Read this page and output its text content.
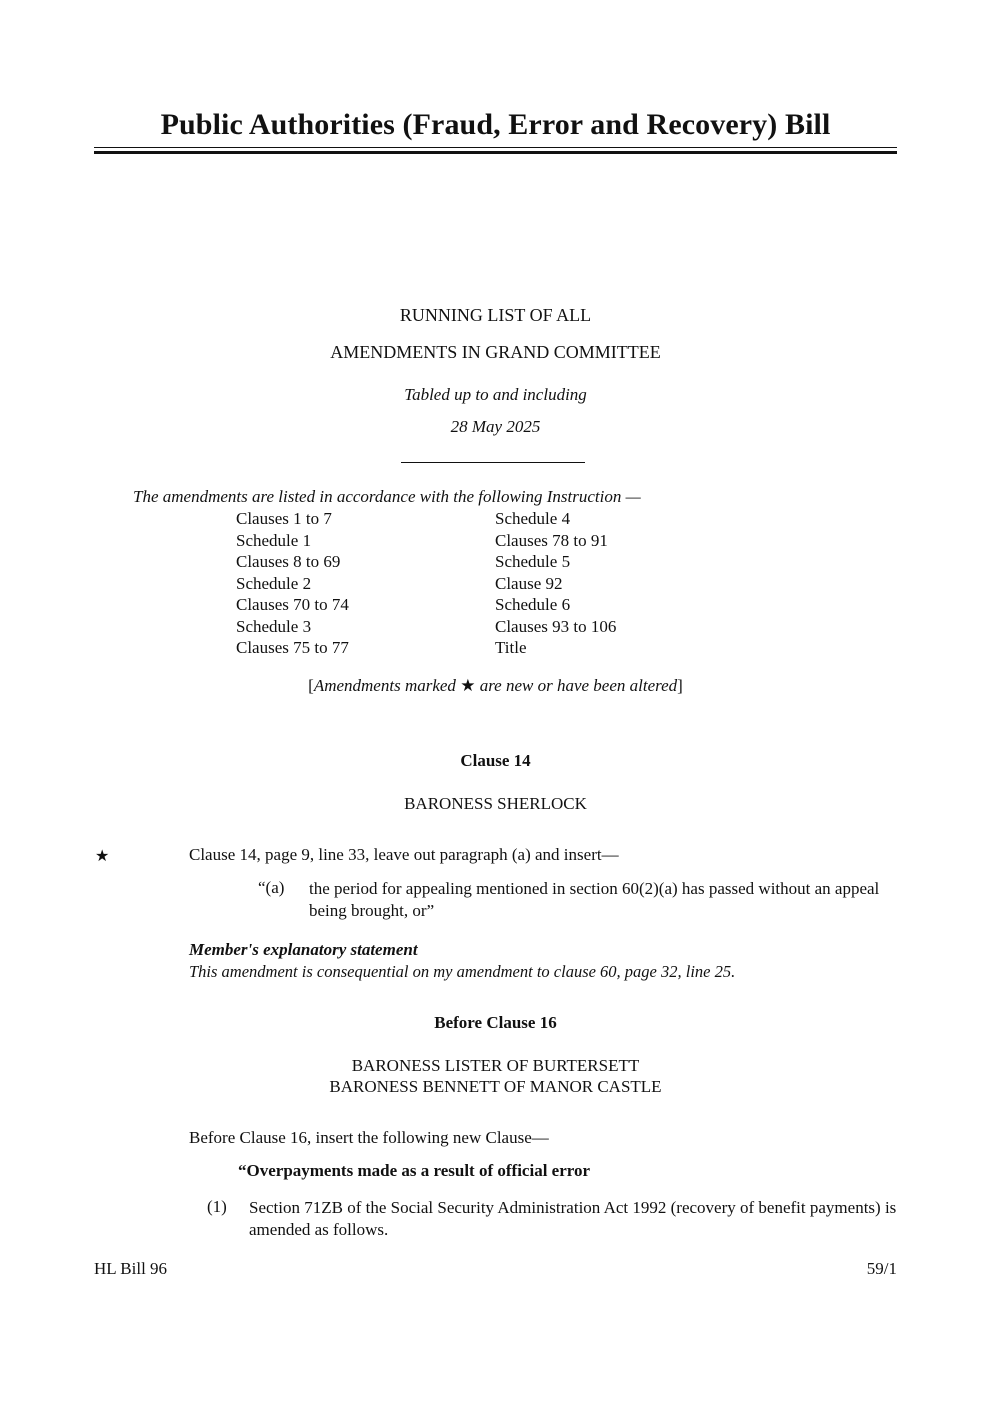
Public Authorities (Fraud, Error and Recovery) Bill
RUNNING LIST OF ALL
AMENDMENTS IN GRAND COMMITTEE
Tabled up to and including
28 May 2025
The amendments are listed in accordance with the following Instruction —
Clauses 1 to 7
Schedule 1
Clauses 8 to 69
Schedule 2
Clauses 70 to 74
Schedule 3
Clauses 75 to 77
Schedule 4
Clauses 78 to 91
Schedule 5
Clause 92
Schedule 6
Clauses 93 to 106
Title
[Amendments marked ★ are new or have been altered]
Clause 14
BARONESS SHERLOCK
★	Clause 14, page 9, line 33, leave out paragraph (a) and insert—
“(a) the period for appealing mentioned in section 60(2)(a) has passed without an appeal being brought, or”
Member's explanatory statement
This amendment is consequential on my amendment to clause 60, page 32, line 25.
Before Clause 16
BARONESS LISTER OF BURTERSETT
BARONESS BENNETT OF MANOR CASTLE
Before Clause 16, insert the following new Clause—
“Overpayments made as a result of official error
(1) Section 71ZB of the Social Security Administration Act 1992 (recovery of benefit payments) is amended as follows.
HL Bill 96	59/1
